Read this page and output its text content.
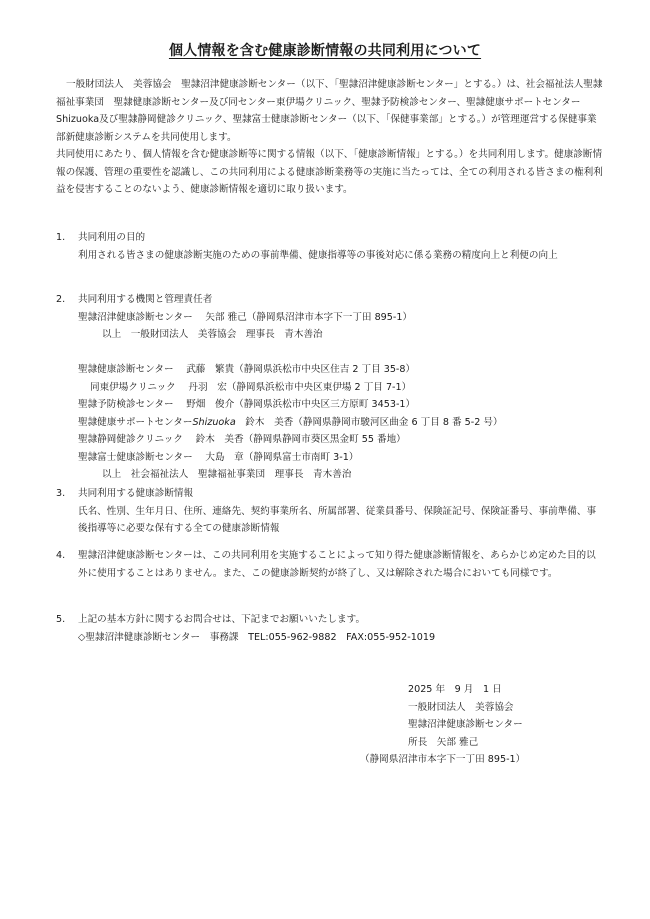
個人情報を含む健康診断情報の共同利用について

一般財団法人　美蓉協会　聖隷沼津健康診断センター（以下、「聖隷沼津健康診断センター」とする。）は、社会福祉法人聖隷福祉事業団　聖隷健康診断センター及び同センター東伊場クリニック、聖隷予防検診センター、聖隷健康サポートセンターShizuoka及び聖隷静岡健診クリニック、聖隷富士健康診断センター（以下、「保健事業部」とする。）が管理運営する保健事業部新健康診断システムを共同使用します。

共同使用にあたり、個人情報を含む健康診断等に関する情報（以下、「健康診断情報」とする。）を共同利用します。健康診断情報の保護、管理の重要性を認識し、この共同利用による健康診断業務等の実施に当たっては、全ての利用される皆さまの権利利益を侵害することのないよう、健康診断情報を適切に取り扱います。

1.	共同利用の目的
利用される皆さまの健康診断実施のための事前準備、健康指導等の事後対応に係る業務の精度向上と利便の向上
2.	共同利用する機関と管理責任者
聖隷沼津健康診断センター　 矢部 雅己（静岡県沼津市本字下一丁田 895-1）
以上　一般財団法人　美蓉協会　理事長　青木善治
聖隷健康診断センター　 武藤　繁貴（静岡県浜松市中央区住吉 2 丁目 35-8）
同東伊場クリニック　 丹羽　宏（静岡県浜松市中央区東伊場 2 丁目 7-1）
聖隷予防検診センター　 野畑　俊介（静岡県浜松市中央区三方原町 3453-1）
聖隷健康サポートセンターShizuoka　鈴木　美香（静岡県静岡市駿河区曲金 6 丁目 8 番 5-2 号）
聖隷静岡健診クリニック　 鈴木　美香（静岡県静岡市葵区黒金町 55 番地）
聖隷富士健康診断センター　 大島　章（静岡県富士市南町 3-1）
以上　社会福祉法人　聖隷福祉事業団　理事長　青木善治
3.	共同利用する健康診断情報
氏名、性別、生年月日、住所、連絡先、契約事業所名、所属部署、従業員番号、保険証記号、保険証番号、事前準備、事後指導等に必要な保有する全ての健康診断情報
4.	聖隷沼津健康診断センターは、この共同利用を実施することによって知り得た健康診断情報を、あらかじめ定めた目的以外に使用することはありません。また、この健康診断契約が終了し、又は解除された場合においても同様です。
5.	上記の基本方針に関するお問合せは、下記までお願いいたします。
◇聖隷沼津健康診断センター　事務課　TEL:055-962-9882　FAX:055-952-1019
2025 年　9 月　1 日
一般財団法人　美蓉協会
聖隷沼津健康診断センター
所長　矢部 雅己
（静岡県沼津市本字下一丁田 895-1）
